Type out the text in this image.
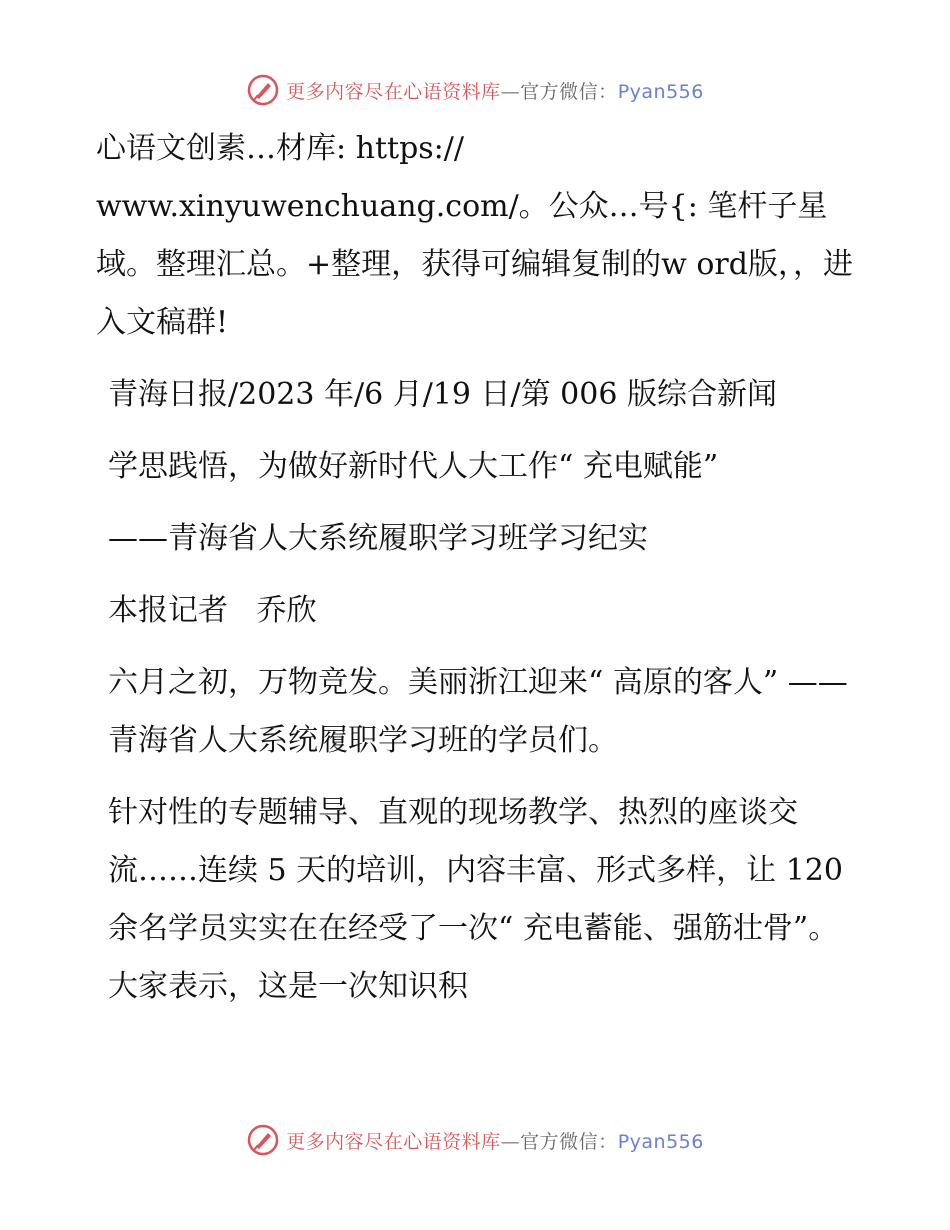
更多内容尽在心语资料库—官方微信：Pyan556

心语文创素…材库: https://
www.xinyuwenchuang.com/。公众…号{: 笔杆子星域。整理汇总。+整理，获得可编辑复制的w ord版，，进入文稿群!

青海日报/2023 年/6 月/19 日/第 006 版综合新闻

学思践悟，为做好新时代人大工作“ 充电赋能”

——青海省人大系统履职学习班学习纪实

本报记者   乔欣

六月之初，万物竞发。美丽浙江迎来“ 高原的客人” ——青海省人大系统履职学习班的学员们。

针对性的专题辅导、直观的现场教学、热烈的座谈交流……连续 5 天的培训，内容丰富、形式多样，让 120 余名学员实实在在经受了一次“ 充电蓄能、强筋壮骨”。大家表示，这是一次知识积

更多内容尽在心语资料库—官方微信：Pyan556
